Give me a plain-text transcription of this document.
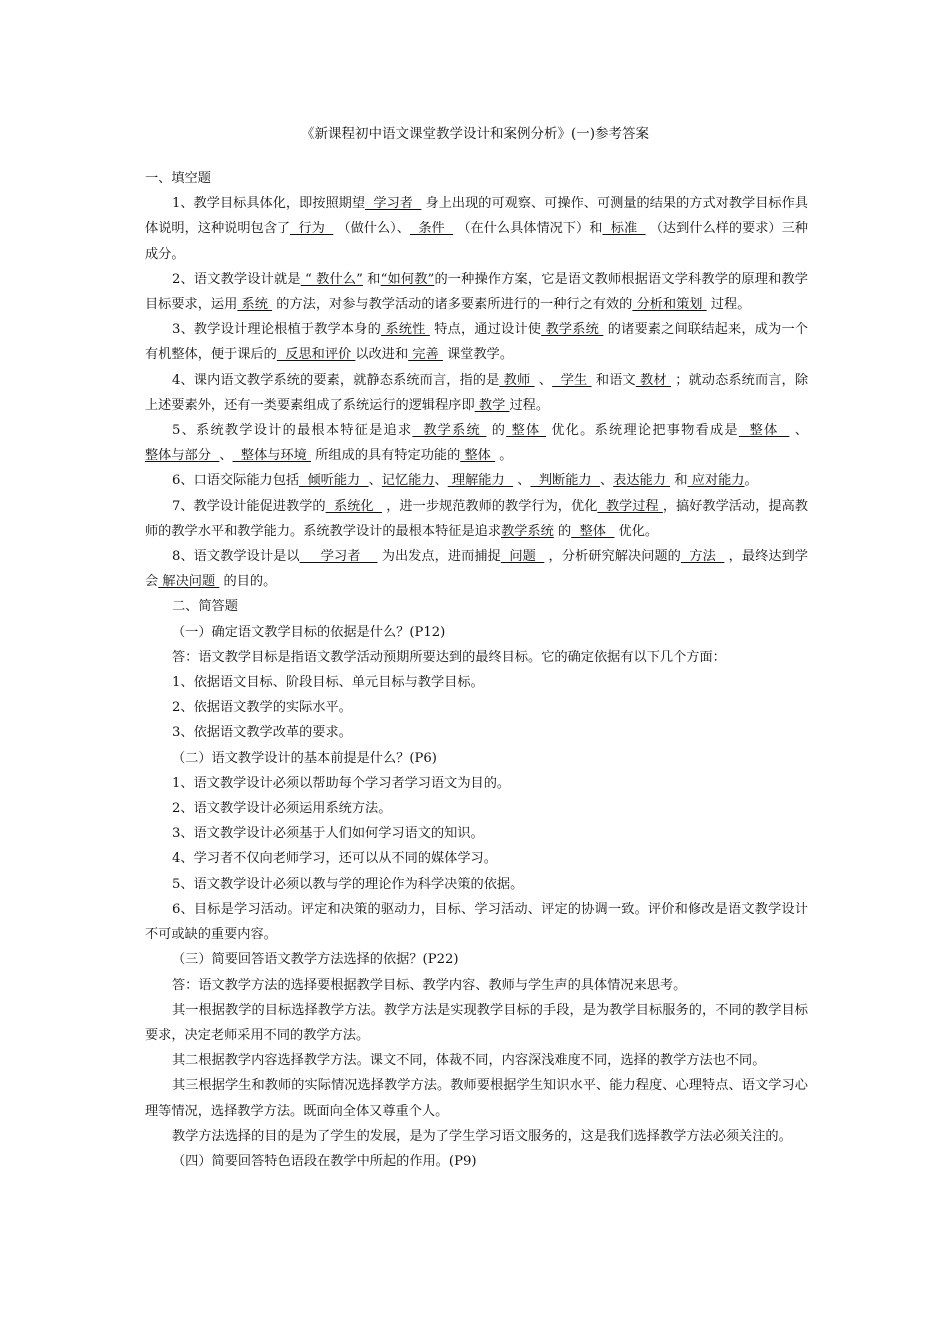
《新课程初中语文课堂教学设计和案例分析》(一)参考答案

一、填空题

1、教学目标具体化，即按照期望  学习者   身上出现的可观察、可操作、可测量的结果的方式对教学目标作具体说明，这种说明包含了  行为   （做什么）、  条件   （在什么具体情况下）和  标准   （达到什么样的要求）三种成分。

2、语文教学设计就是 “ 教什么” 和“如何教”的一种操作方案，它是语文教师根据语文学科教学的原理和教学目标要求，运用 系统  的方法，对参与教学活动的诸多要素所进行的一种行之有效的 分析和策划  过程。

3、教学设计理论根植于教学本身的 系统性  特点，通过设计使 教学系统  的诸要素之间联结起来，成为一个有机整体，便于课后的  反思和评价 以改进和 完善  课堂教学。

4、课内语文教学系统的要素，就静态系统而言，指的是 教师  、  学生  和语文 教材  ；就动态系统而言，除上述要素外，还有一类要素组成了系统运行的逻辑程序即 教学 过程。

5、系统教学设计的最根本特征是追求  教学系统  的 整体  优化。系统理论把事物看成是  整体   、整体与部分  、  整体与环境  所组成的具有特定功能的 整体  。

6、口语交际能力包括  倾听能力  、记忆能力、 理解能力   、  判断能力  、表达能力  和 应对能力。

7、教学设计能促进教学的  系统化   ，进一步规范教师的教学行为，优化  教学过程 ，搞好教学活动，提高教师的教学水平和教学能力。系统教学设计的最根本特征是追求教学系统 的  整体   优化。

8、语文教学设计是以     学习者     为出发点，进而捕捉  问题   ，分析研究解决问题的  方法   ，最终达到学会 解决问题  的目的。

二、简答题

（一）确定语文教学目标的依据是什么？(P12)

答：语文教学目标是指语文教学活动预期所要达到的最终目标。它的确定依据有以下几个方面：

1、依据语文目标、阶段目标、单元目标与教学目标。

2、依据语文教学的实际水平。

3、依据语文教学改革的要求。

（二）语文教学设计的基本前提是什么？(P6)

1、语文教学设计必须以帮助每个学习者学习语文为目的。

2、语文教学设计必须运用系统方法。

3、语文教学设计必须基于人们如何学习语文的知识。

4、学习者不仅向老师学习，还可以从不同的媒体学习。

5、语文教学设计必须以教与学的理论作为科学决策的依据。

6、目标是学习活动。评定和决策的驱动力，目标、学习活动、评定的协调一致。评价和修改是语文教学设计不可或缺的重要内容。

（三）简要回答语文教学方法选择的依据？(P22)

答：语文教学方法的选择要根据教学目标、教学内容、教师与学生声的具体情况来思考。

其一根据教学的目标选择教学方法。教学方法是实现教学目标的手段，是为教学目标服务的，不同的教学目标要求，决定老师采用不同的教学方法。

其二根据教学内容选择教学方法。课文不同，体裁不同，内容深浅难度不同，选择的教学方法也不同。

其三根据学生和教师的实际情况选择教学方法。教师要根据学生知识水平、能力程度、心理特点、语文学习心理等情况，选择教学方法。既面向全体又尊重个人。

教学方法选择的目的是为了学生的发展，是为了学生学习语文服务的，这是我们选择教学方法必须关注的。

（四）简要回答特色语段在教学中所起的作用。(P9)
